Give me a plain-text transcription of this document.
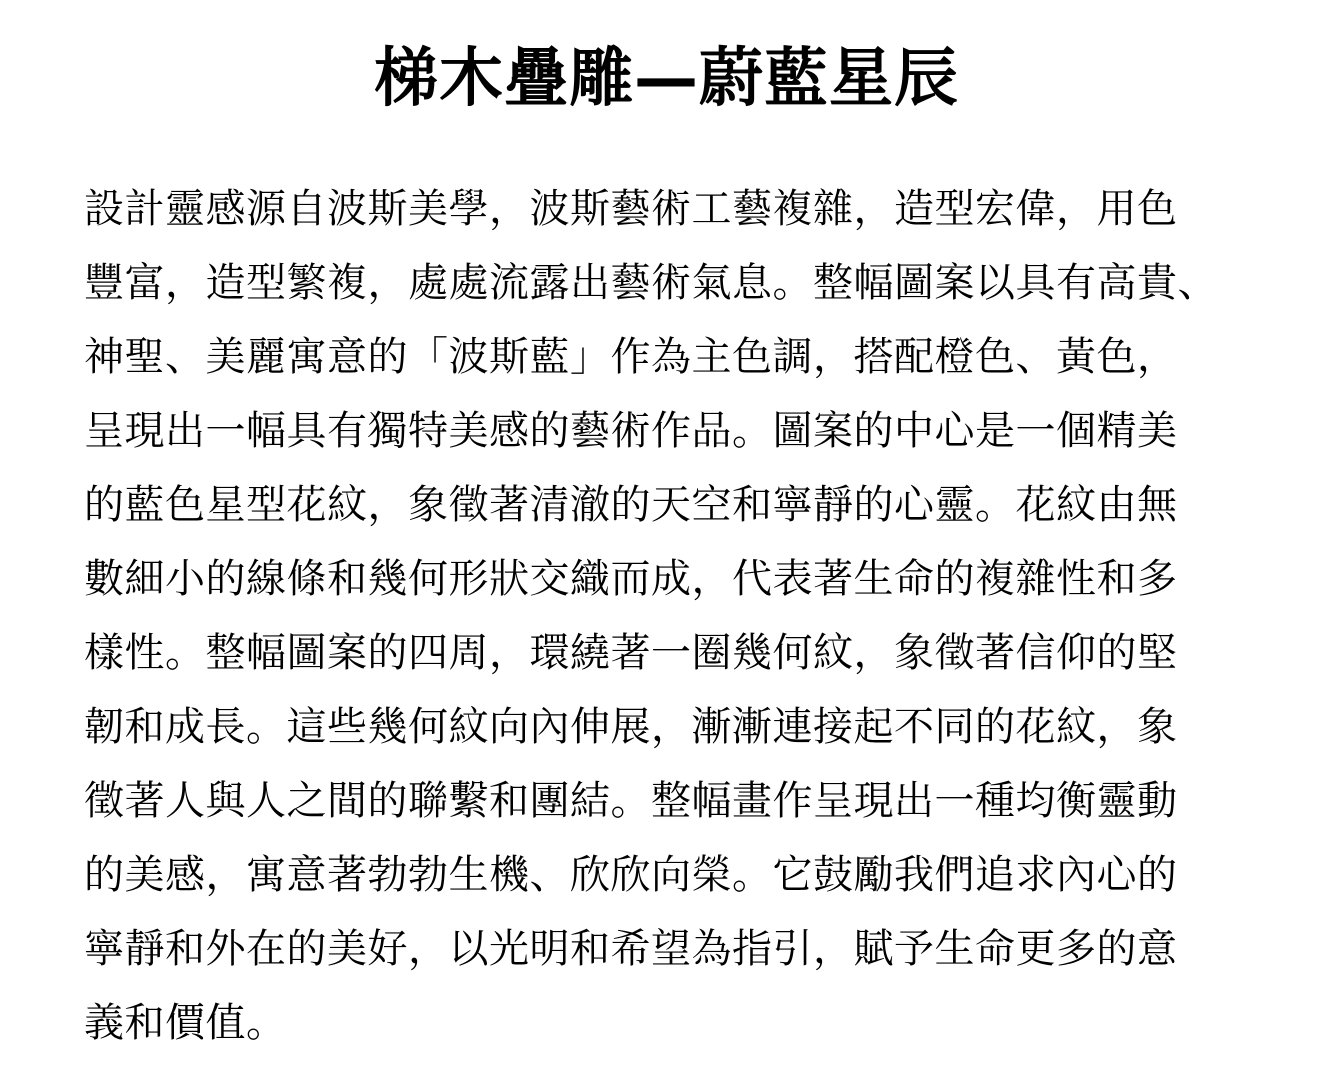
梯木疊雕—蔚藍星辰
設計靈感源自波斯美學，波斯藝術工藝複雜，造型宏偉，用色
豐富，造型繁複，處處流露出藝術氣息。整幅圖案以具有高貴、
神聖、美麗寓意的「波斯藍」作為主色調，搭配橙色、黃色，
呈現出一幅具有獨特美感的藝術作品。圖案的中心是一個精美
的藍色星型花紋，象徵著清澈的天空和寧靜的心靈。花紋由無
數細小的線條和幾何形狀交織而成，代表著生命的複雜性和多
樣性。整幅圖案的四周，環繞著一圈幾何紋，象徵著信仰的堅
韌和成長。這些幾何紋向內伸展，漸漸連接起不同的花紋，象
徵著人與人之間的聯繫和團結。整幅畫作呈現出一種均衡靈動
的美感，寓意著勃勃生機、欣欣向榮。它鼓勵我們追求內心的
寧靜和外在的美好，以光明和希望為指引，賦予生命更多的意
義和價值。
